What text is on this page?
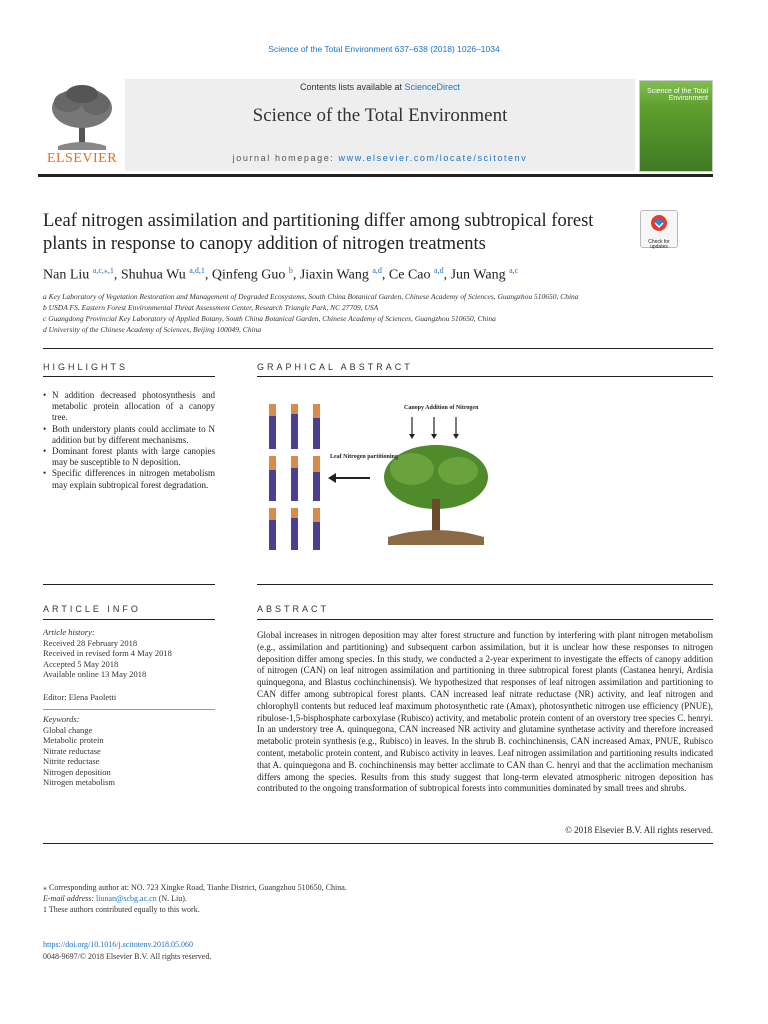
Science of the Total Environment 637–638 (2018) 1026–1034
Contents lists available at ScienceDirect
Science of the Total Environment
journal homepage: www.elsevier.com/locate/scitotenv
ELSEVIER
Science of the Total Environment
Leaf nitrogen assimilation and partitioning differ among subtropical forest plants in response to canopy addition of nitrogen treatments	Check for updates
Nan Liu $^{a,c,⁎,1}$, Shuhua Wu $^{a,d,1}$, Qinfeng Guo $^b$, Jiaxin Wang $^{a,d}$, Ce Cao $^{a,d}$, Jun Wang $^{a,c}$
a Key Laboratory of Vegetation Restoration and Management of Degraded Ecosystems, South China Botanical Garden, Chinese Academy of Sciences, Guangzhou 510650, China
b USDA FS, Eastern Forest Environmental Threat Assessment Center, Research Triangle Park, NC 27709, USA
c Guangdong Provincial Key Laboratory of Applied Botany, South China Botanical Garden, Chinese Academy of Sciences, Guangzhou 510650, China
d University of the Chinese Academy of Sciences, Beijing 100049, China
HIGHLIGHTS	GRAPHICAL ABSTRACT
• N addition decreased photosynthesis and metabolic protein allocation of a canopy tree.
• Both understory plants could acclimate to N addition but by different mechanisms.
• Dominant forest plants with large canopies may be susceptible to N deposition.
• Specific differences in nitrogen metabolism may explain subtropical forest degradation.
Canopy Addition of Nitrogen
Leaf Nitrogen partitioning
ARTICLE INFO	ABSTRACT
Article history:
Received 28 February 2018
Received in revised form 4 May 2018
Accepted 5 May 2018
Available online 13 May 2018
Editor: Elena Paoletti
Keywords:
Global change
Metabolic protein
Nitrate reductase
Nitrite reductase
Nitrogen deposition
Nitrogen metabolism
Global increases in nitrogen deposition may alter forest structure and function by interfering with plant nitrogen metabolism (e.g., assimilation and partitioning) and subsequent carbon assimilation, but it is unclear how these responses to nitrogen deposition differ among species. In this study, we conducted a 2-year experiment to investigate the effects of canopy addition of nitrogen (CAN) on leaf nitrogen assimilation and partitioning in three subtropical forest plants (Castanea henryi, Ardisia quinquegona, and Blastus cochinchinensis). We hypothesized that responses of leaf nitrogen assimilation and partitioning to CAN differ among subtropical forest plants. CAN increased leaf nitrate reductase (NR) activity, and leaf nitrogen and chlorophyll contents but reduced leaf maximum photosynthetic rate (Amax), photosynthetic nitrogen use efficiency (PNUE), ribulose-1,5-bisphosphate carboxylase (Rubisco) activity, and metabolic protein content of an overstory tree species C. henryi. In an understory tree A. quinquegona, CAN increased NR activity and glutamine synthetase activity and therefore increased metabolic protein synthesis (e.g., Rubisco) in leaves. In the shrub B. cochinchinensis, CAN increased Amax, PNUE, Rubisco content, metabolic protein content, and Rubisco activity in leaves. Leaf nitrogen assimilation and partitioning results indicated that A. quinquegona and B. cochinchinensis may better acclimate to CAN than C. henryi and that the acclimation mechanism differs among the species. Results from this study suggest that long-term elevated atmospheric nitrogen deposition has contributed to the ongoing transformation of subtropical forests into communities dominated by small trees and shrubs.
© 2018 Elsevier B.V. All rights reserved.
⁎ Corresponding author at: NO. 723 Xingke Road, Tianhe District, Guangzhou 510650, China.
E-mail address: liunan@scbg.ac.cn (N. Liu).
1 These authors contributed equally to this work.
https://doi.org/10.1016/j.scitotenv.2018.05.060
0048-9697/© 2018 Elsevier B.V. All rights reserved.
